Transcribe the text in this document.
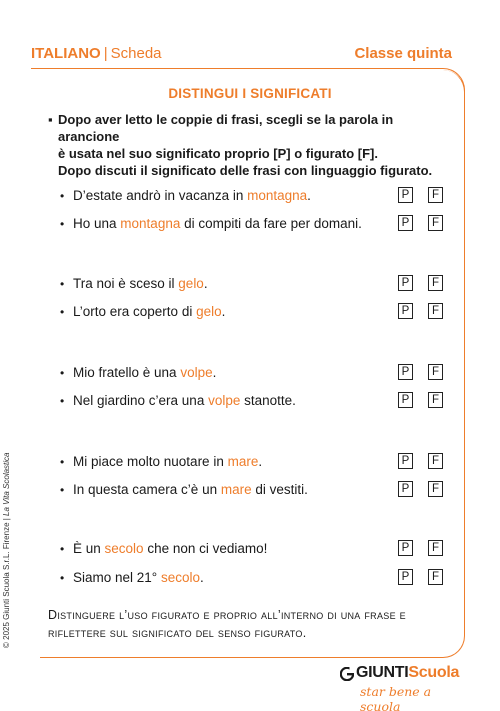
ITALIANO | Scheda	Classe quinta
DISTINGUI I SIGNIFICATI
▪ Dopo aver letto le coppie di frasi, scegli se la parola in arancione
è usata nel suo significato proprio [P] o figurato [F].
Dopo discuti il significato delle frasi con linguaggio figurato.
• D’estate andrò in vacanza in montagna.	P	F
• Ho una montagna di compiti da fare per domani.	P	F
• Tra noi è sceso il gelo.	P	F
• L’orto era coperto di gelo.	P	F
• Mio fratello è una volpe.	P	F
• Nel giardino c’era una volpe stanotte.	P	F
• Mi piace molto nuotare in mare.	P	F
• In questa camera c’è un mare di vestiti.	P	F
• È un secolo che non ci vediamo!	P	F
• Siamo nel 21° secolo.	P	F
Distinguere l’uso figurato e proprio all’interno di una frase e
riflettere sul significato del senso figurato.
© 2025 Giunti Scuola S.r.L. Firenze | La Vita Scolastica
GIUNTIScuola
star bene a scuola
